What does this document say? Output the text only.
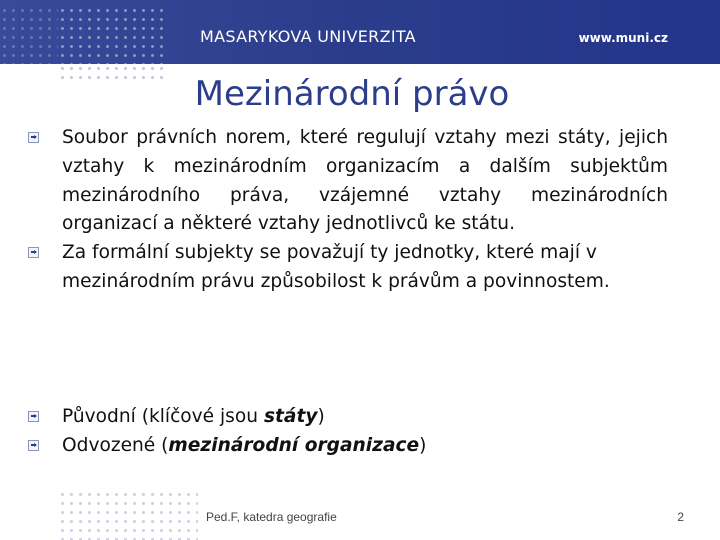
MASARYKOVA UNIVERZITA	www.muni.cz
Mezinárodní právo
Soubor právních norem, které regulují vztahy mezi státy, jejich vztahy k mezinárodním organizacím a dalším subjektům mezinárodního práva, vzájemné vztahy mezinárodních organizací a některé vztahy jednotlivců ke státu.
Za formální subjekty se považují ty jednotky, které mají v mezinárodním právu způsobilost k právům a povinnostem.
Původní (klíčové jsou státy)
Odvozené (mezinárodní organizace)
Ped.F, katedra geografie	2
